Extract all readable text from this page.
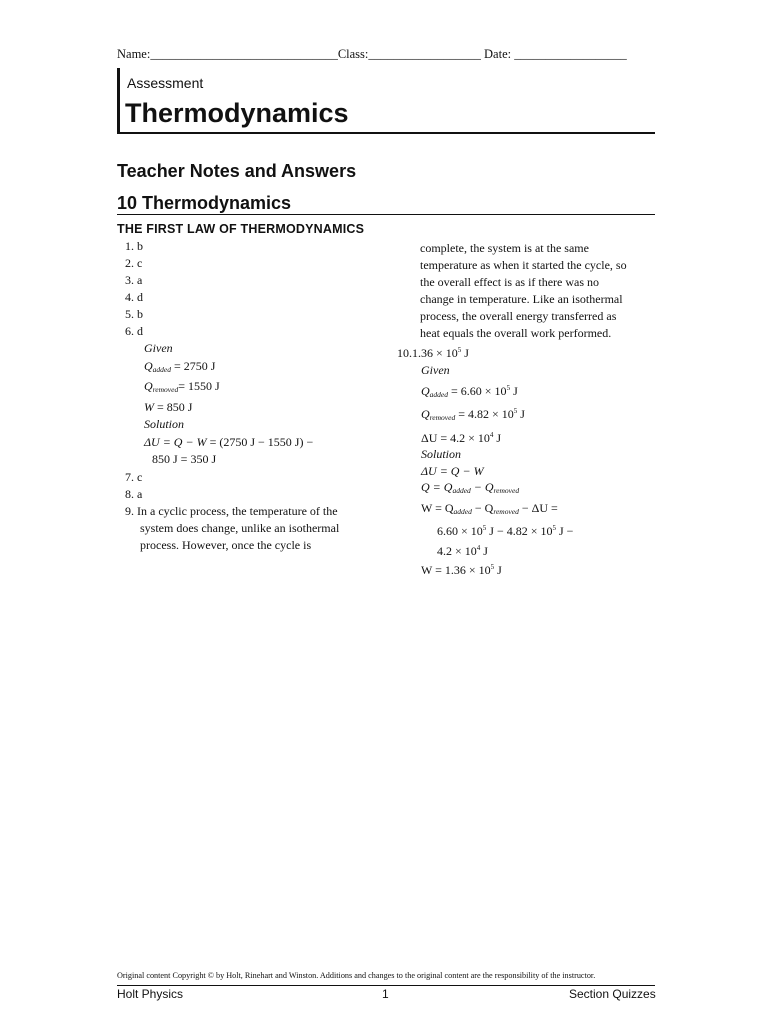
Name:______________________________Class:__________________ Date: __________________
Assessment
Thermodynamics
Teacher Notes and Answers
10 Thermodynamics
THE FIRST LAW OF THERMODYNAMICS
1. b
2. c
3. a
4. d
5. b
6. d
Given
$Q_{added} = 2750$ J
$Q_{removed}= 1550$ J
W = 850 J
Solution
ΔU = Q − W = (2750 J − 1550 J) −
850 J = 350 J
7. c
8. a
9. In a cyclic process, the temperature of the
system does change, unlike an isothermal
process. However, once the cycle is
complete, the system is at the same
temperature as when it started the cycle, so
the overall effect is as if there was no
change in temperature. Like an isothermal
process, the overall energy transferred as
heat equals the overall work performed.
$10.1.36 \times 10^5$ J
Given
$Q_{added} = 6.60 \times 10^5$ J
$Q_{removed} = 4.82 \times 10^5$ J
$\Delta U = 4.2 \times 10^4$ J
Solution
ΔU = Q − W
$Q = Q_{added} - Q_{removed}$
$W = Q_{added} - Q_{removed} - \Delta U$ =
$6.60 \times 10^5$ $J - 4.82 \times 10^5$ J −
$4.2 \times 10^4$ J
$W = 1.36 \times 10^5$ J
Original content Copyright © by Holt, Rinehart and Winston. Additions and changes to the original content are the responsibility of the instructor.
Holt Physics	1	Section Quizzes
